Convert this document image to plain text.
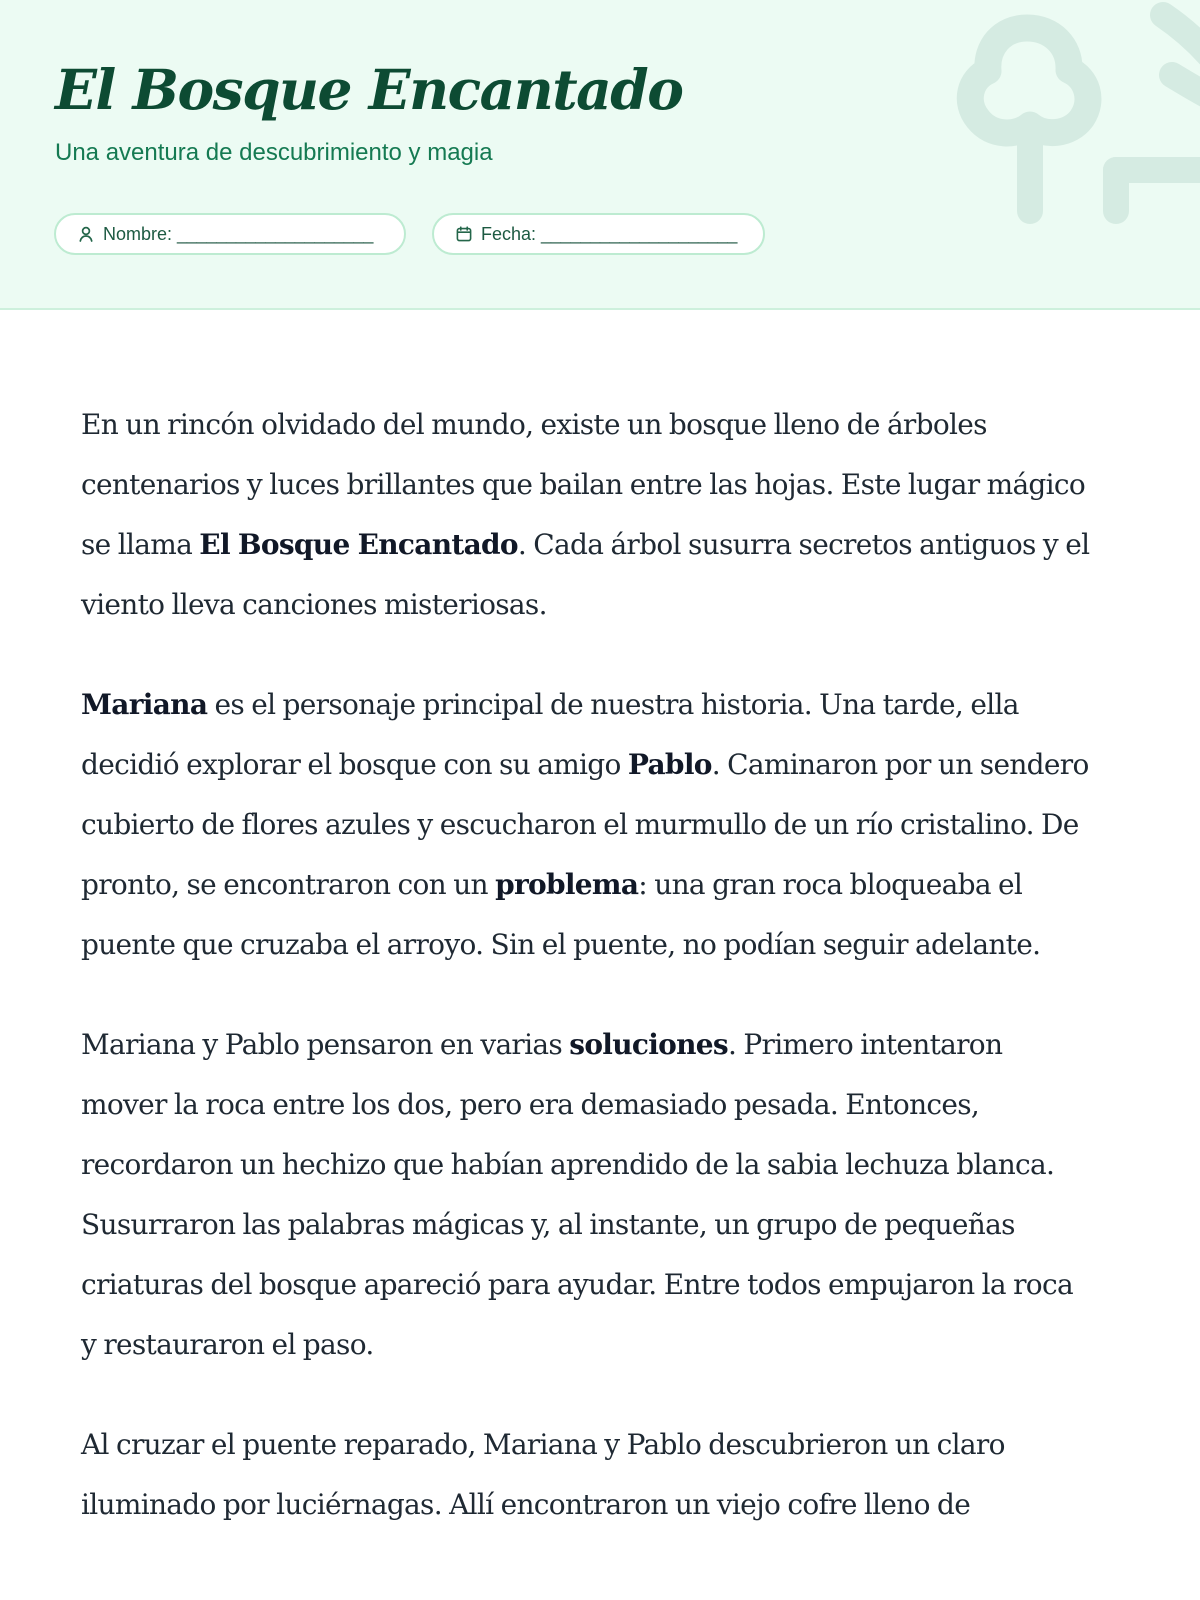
El Bosque Encantado

Una aventura de descubrimiento y magia

Nombre: ____________________	Fecha: ____________________

En un rincón olvidado del mundo, existe un bosque lleno de árboles centenarios y luces brillantes que bailan entre las hojas. Este lugar mágico se llama El Bosque Encantado. Cada árbol susurra secretos antiguos y el viento lleva canciones misteriosas.

Mariana es el personaje principal de nuestra historia. Una tarde, ella decidió explorar el bosque con su amigo Pablo. Caminaron por un sendero cubierto de flores azules y escucharon el murmullo de un río cristalino. De pronto, se encontraron con un problema: una gran roca bloqueaba el puente que cruzaba el arroyo. Sin el puente, no podían seguir adelante.

Mariana y Pablo pensaron en varias soluciones. Primero intentaron mover la roca entre los dos, pero era demasiado pesada. Entonces, recordaron un hechizo que habían aprendido de la sabia lechuza blanca. Susurraron las palabras mágicas y, al instante, un grupo de pequeñas criaturas del bosque apareció para ayudar. Entre todos empujaron la roca y restauraron el paso.

Al cruzar el puente reparado, Mariana y Pablo descubrieron un claro iluminado por luciérnagas. Allí encontraron un viejo cofre lleno de
